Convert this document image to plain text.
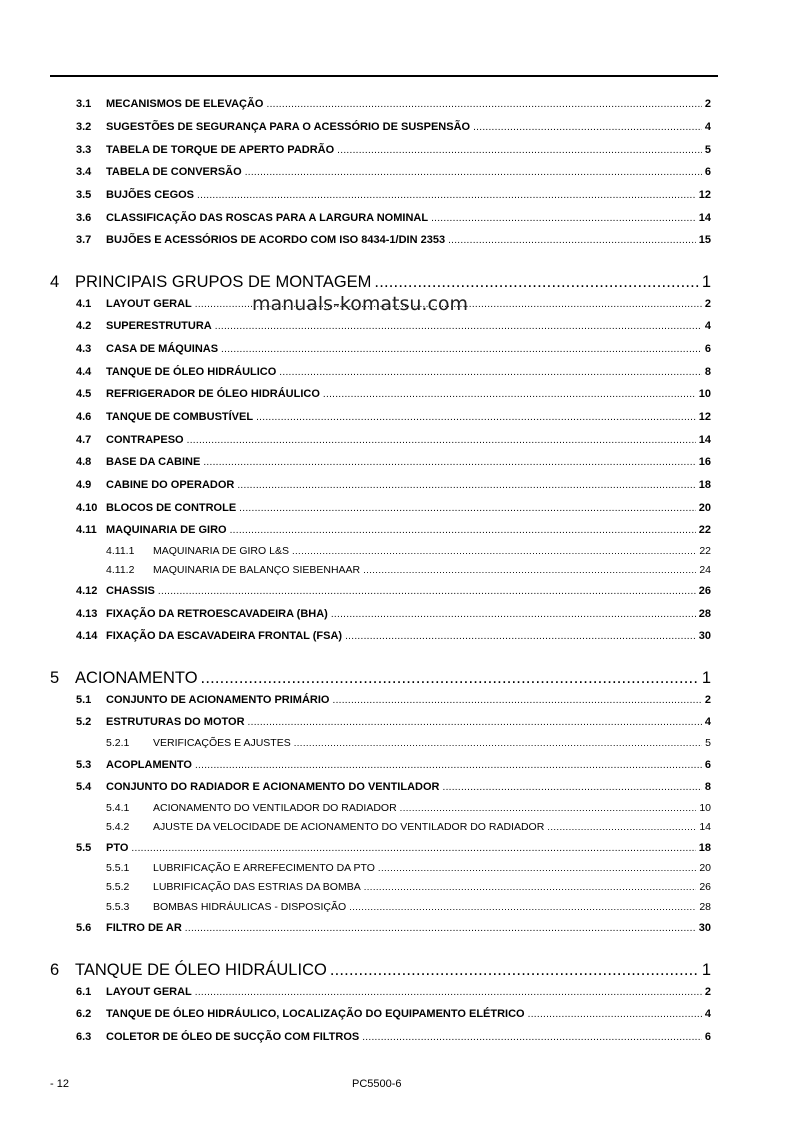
3.1 MECANISMOS DE ELEVAÇÃO .....	2
3.2 SUGESTÕES DE SEGURANÇA PARA O ACESSÓRIO DE SUSPENSÃO .....	4
3.3 TABELA DE TORQUE DE APERTO PADRÃO .....	5
3.4 TABELA DE CONVERSÃO .....	6
3.5 BUJÕES CEGOS .....	12
3.6 CLASSIFICAÇÃO DAS ROSCAS PARA A LARGURA NOMINAL .....	14
3.7 BUJÕES E ACESSÓRIOS DE ACORDO COM ISO 8434-1/DIN 2353 .....	15
4 PRINCIPAIS GRUPOS DE MONTAGEM .....	1
4.1 LAYOUT GERAL .....	2
4.2 SUPERESTRUTURA .....	4
4.3 CASA DE MÁQUINAS .....	6
4.4 TANQUE DE ÓLEO HIDRÁULICO .....	8
4.5 REFRIGERADOR DE ÓLEO HIDRÁULICO .....	10
4.6 TANQUE DE COMBUSTÍVEL .....	12
4.7 CONTRAPESO .....	14
4.8 BASE DA CABINE .....	16
4.9 CABINE DO OPERADOR .....	18
4.10 BLOCOS DE CONTROLE .....	20
4.11 MAQUINARIA DE GIRO .....	22
4.11.1 MAQUINARIA DE GIRO L&S .....	22
4.11.2 MAQUINARIA DE BALANÇO SIEBENHAAR .....	24
4.12 CHASSIS .....	26
4.13 FIXAÇÃO DA RETROESCAVADEIRA (BHA) .....	28
4.14 FIXAÇÃO DA ESCAVADEIRA FRONTAL (FSA) .....	30
5 ACIONAMENTO .....	1
5.1 CONJUNTO DE ACIONAMENTO PRIMÁRIO .....	2
5.2 ESTRUTURAS DO MOTOR .....	4
5.2.1 VERIFICAÇÕES E AJUSTES .....	5
5.3 ACOPLAMENTO .....	6
5.4 CONJUNTO DO RADIADOR E ACIONAMENTO DO VENTILADOR .....	8
5.4.1 ACIONAMENTO DO VENTILADOR DO RADIADOR .....	10
5.4.2 AJUSTE DA VELOCIDADE DE ACIONAMENTO DO VENTILADOR DO RADIADOR .....	14
5.5 PTO .....	18
5.5.1 LUBRIFICAÇÃO E ARREFECIMENTO DA PTO .....	20
5.5.2 LUBRIFICAÇÃO DAS ESTRIAS DA BOMBA .....	26
5.5.3 BOMBAS HIDRÁULICAS - DISPOSIÇÃO .....	28
5.6 FILTRO DE AR .....	30
6 TANQUE DE ÓLEO HIDRÁULICO .....	1
6.1 LAYOUT GERAL .....	2
6.2 TANQUE DE ÓLEO HIDRÁULICO, LOCALIZAÇÃO DO EQUIPAMENTO ELÉTRICO .....	4
6.3 COLETOR DE ÓLEO DE SUCÇÃO COM FILTROS .....	6
manuals-komatsu.com
- 12	PC5500-6
